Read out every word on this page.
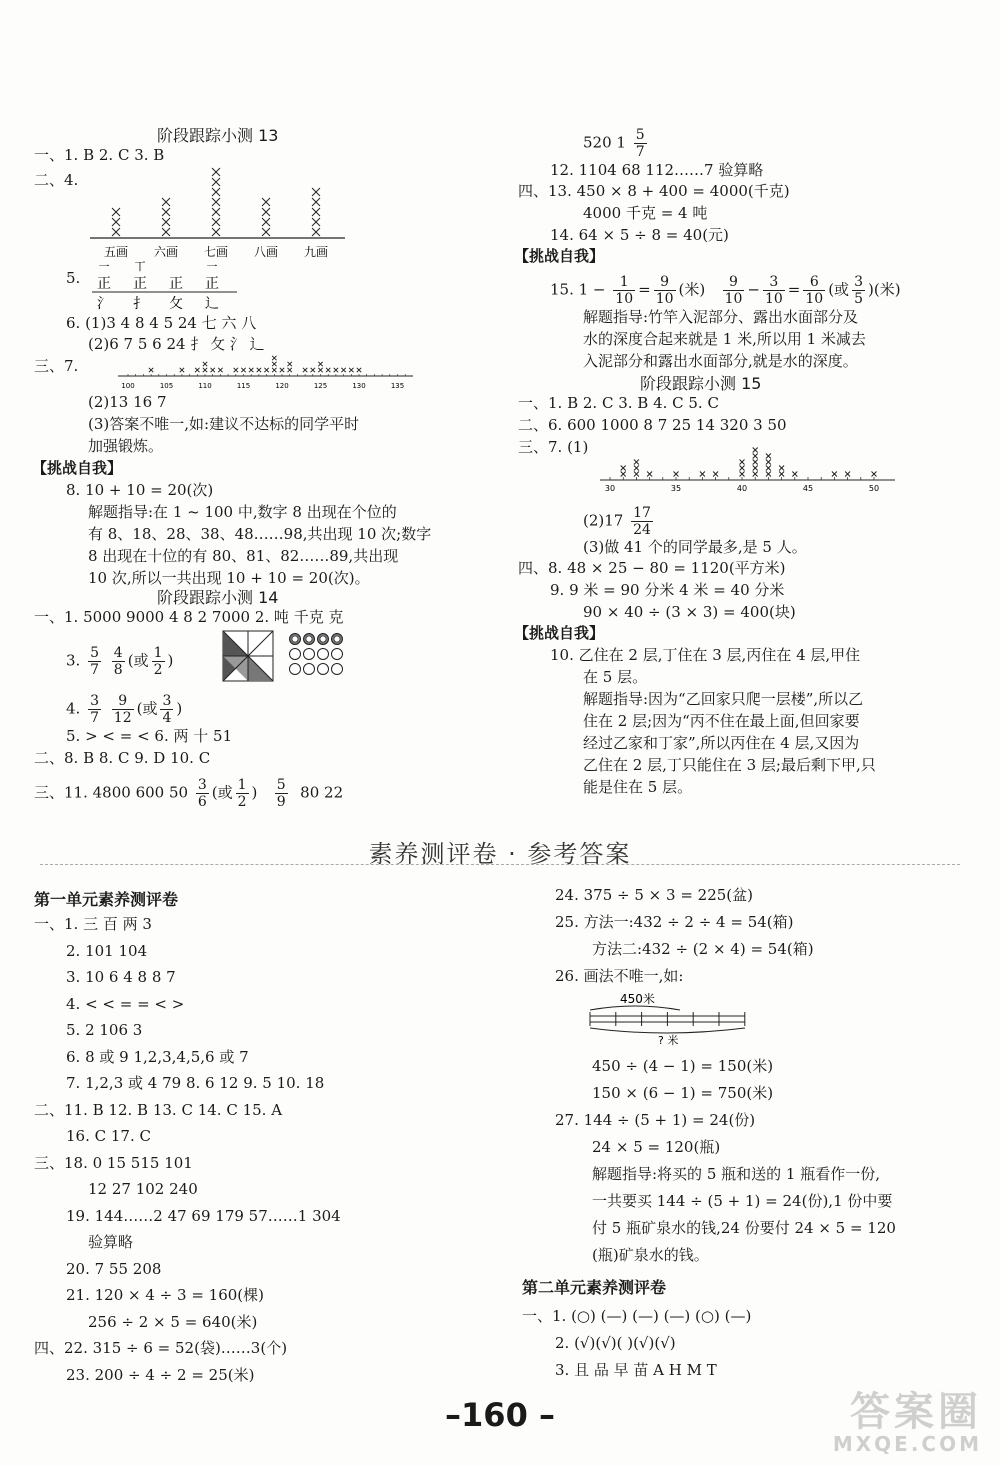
阶段跟踪小测 13
一、1. B 2. C 3. B
二、4.
五画 六画 七画 八画 九画
5.
一
正
氵
丅
正
扌
正
攵
一
正
辶
6. (1)3 4 8 4 5 24 七 六 八
(2)6 7 5 6 24 扌 攵 氵 辶
三、7.
100	105	110	115	120	125	130	135
(2)13 16 7
(3)答案不唯一,如:建议不达标的同学平时
加强锻炼。
【挑战自我】
8. 10 + 10 = 20(次)
解题指导:在 1 ~ 100 中,数字 8 出现在个位的
有 8、18、28、38、48……98,共出现 10 次;数字
8 出现在十位的有 80、81、82……89,共出现
10 次,所以一共出现 10 + 10 = 20(次)。
阶段跟踪小测 14
一、1. 5000 9000 4 8 2 7000 2. 吨 千克 克
3. $\frac{5}{7}$
$\frac{4}{8}$ (或 $\frac{1}{2}$ )
4. $\frac{3}{7}$
$\frac{9}{12}$ (或 $\frac{3}{4}$ )
5. > < = < 6. 两 十 51
二、8. B 8. C 9. D 10. C
三、11. 4800 600 $50 \frac{3}{6}$ (或 $\frac{1}{2}$ ) $\frac{5}{9} 80$ 22
520 $1 \frac{5}{7}$
12. 1104 68 112……7 验算略
四、13. 450 × 8 + 400 = 4000(千克)
4000 千克 = 4 吨
14. 64 × 5 ÷ 8 = 40(元)
【挑战自我】
15. $1 - \frac{1}{10} = \frac{9}{10}$ (米) $\frac{9}{10} - \frac{3}{10} = \frac{6}{10}$ (或 $\frac{3}{5}$ )(米)
解题指导:竹竿入泥部分、露出水面部分及
水的深度合起来就是 1 米,所以用 1 米减去
入泥部分和露出水面部分,就是水的深度。
阶段跟踪小测 15
一、1. B 2. C 3. B 4. C 5. C
二、6. 600 1000 8 7 25 14 320 3 50
三、7. (1)
30	35	40	45	50
$(2)17 \frac{17}{24}$
(3)做 41 个的同学最多,是 5 人。
四、8. 48 × 25 − 80 = 1120(平方米)
9. 9 米 = 90 分米 4 米 = 40 分米
90 × 40 ÷ (3 × 3) = 400(块)
【挑战自我】
10. 乙住在 2 层,丁住在 3 层,丙住在 4 层,甲住
在 5 层。
解题指导:因为“乙回家只爬一层楼”,所以乙
住在 2 层;因为“丙不住在最上面,但回家要
经过乙家和丁家”,所以丙住在 4 层,又因为
乙住在 2 层,丁只能住在 3 层;最后剩下甲,只
能是住在 5 层。
素养测评卷 · 参考答案
第一单元素养测评卷
一、1. 三 百 两 3
2. 101 104
3. 10 6 4 8 8 7
4. < < = = < >
5. 2 106 3
6. 8 或 9 1,2,3,4,5,6 或 7
7. 1,2,3 或 4 79 8. 6 12 9. 5 10. 18
二、11. B 12. B 13. C 14. C 15. A
16. C 17. C
三、18. 0 15 515 101
12 27 102 240
19. 144……2 47 69 179 57……1 304
验算略
20. 7 55 208
21. 120 × 4 ÷ 3 = 160(棵)
256 ÷ 2 × 5 = 640(米)
四、22. 315 ÷ 6 = 52(袋)……3(个)
23. 200 ÷ 4 ÷ 2 = 25(米)
24. 375 ÷ 5 × 3 = 225(盆)
25. 方法一:432 ÷ 2 ÷ 4 = 54(箱)
方法二:432 ÷ (2 × 4) = 54(箱)
26. 画法不唯一,如:
450米
? 米
450 ÷ (4 − 1) = 150(米)
150 × (6 − 1) = 750(米)
27. 144 ÷ (5 + 1) = 24(份)
24 × 5 = 120(瓶)
解题指导:将买的 5 瓶和送的 1 瓶看作一份,
一共要买 144 ÷ (5 + 1) = 24(份),1 份中要
付 5 瓶矿泉水的钱,24 份要付 24 × 5 = 120
(瓶)矿泉水的钱。
第二单元素养测评卷
一、1. (○) (—) (—) (—) (○) (—)
2. (√)(√)( )(√)(√)
3. 且 品 早 苗 A H M T
–160 –	答案圈
MXQE.COM
